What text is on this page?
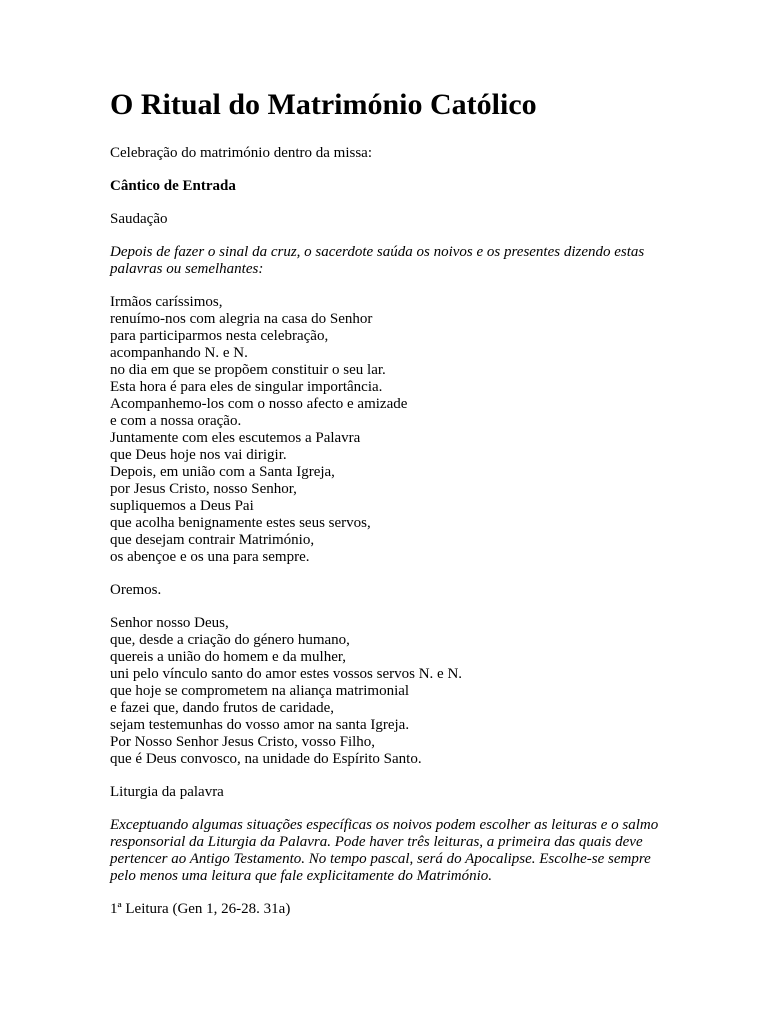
O Ritual do Matrimónio Católico

Celebração do matrimónio dentro da missa:

Cântico de Entrada

Saudação

Depois de fazer o sinal da cruz, o sacerdote saúda os noivos e os presentes dizendo estas palavras ou semelhantes:

Irmãos caríssimos,
renuímo-nos com alegria na casa do Senhor
para participarmos nesta celebração,
acompanhando N. e N.
no dia em que se propõem constituir o seu lar.
Esta hora é para eles de singular importância.
Acompanhemo-los com o nosso afecto e amizade
e com a nossa oração.
Juntamente com eles escutemos a Palavra
que Deus hoje nos vai dirigir.
Depois, em união com a Santa Igreja,
por Jesus Cristo, nosso Senhor,
supliquemos a Deus Pai
que acolha benignamente estes seus servos,
que desejam contrair Matrimónio,
os abençoe e os una para sempre.

Oremos.

Senhor nosso Deus,
que, desde a criação do género humano,
quereis a união do homem e da mulher,
uni pelo vínculo santo do amor estes vossos servos N. e N.
que hoje se comprometem na aliança matrimonial
e fazei que, dando frutos de caridade,
sejam testemunhas do vosso amor na santa Igreja.
Por Nosso Senhor Jesus Cristo, vosso Filho,
que é Deus convosco, na unidade do Espírito Santo.

Liturgia da palavra

Exceptuando algumas situações específicas os noivos podem escolher as leituras e o salmo responsorial da Liturgia da Palavra. Pode haver três leituras, a primeira das quais deve pertencer ao Antigo Testamento. No tempo pascal, será do Apocalipse. Escolhe-se sempre pelo menos uma leitura que fale explicitamente do Matrimónio.

1ª Leitura (Gen 1, 26-28. 31a)
